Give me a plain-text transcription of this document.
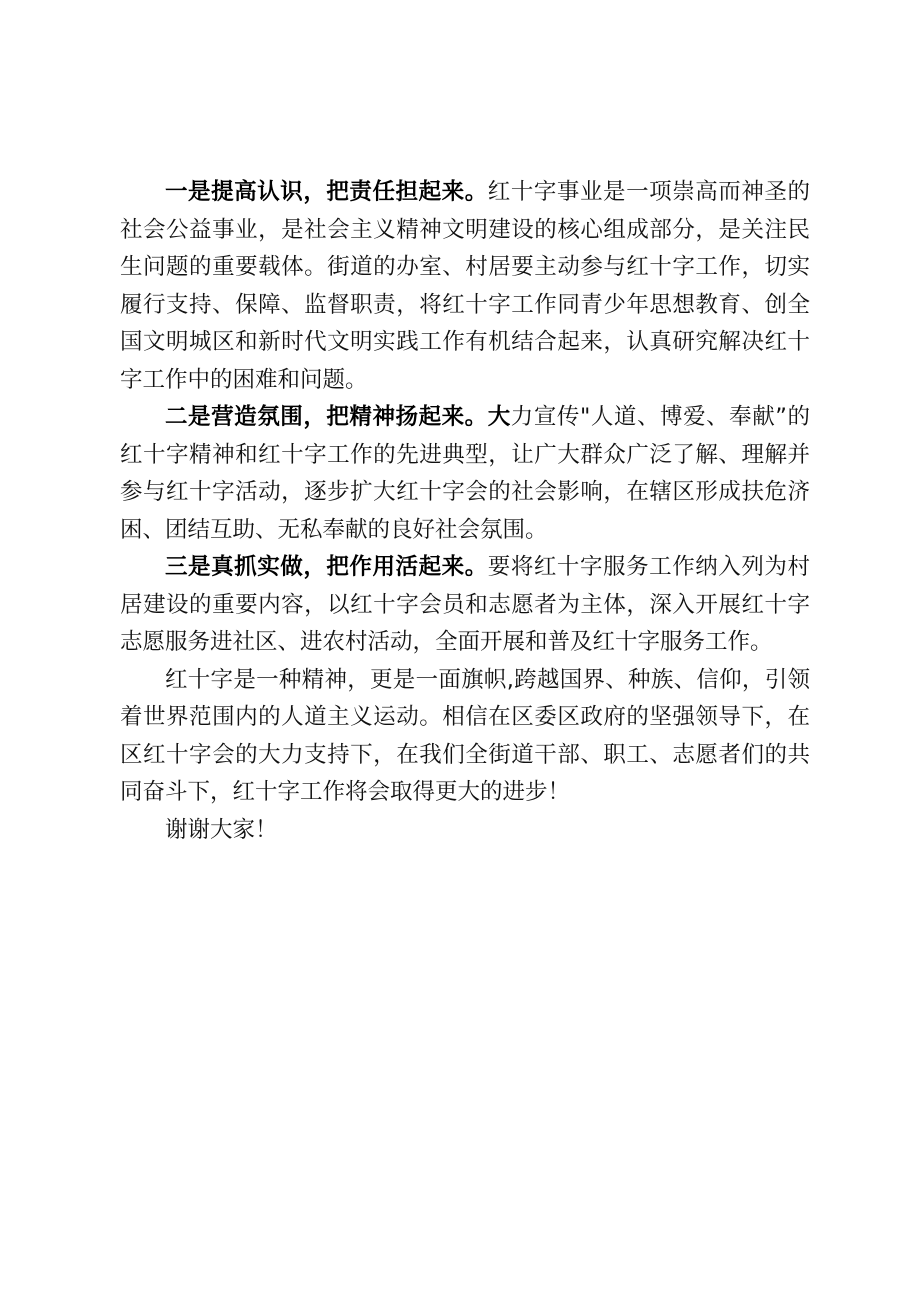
一是提高认识，把责任担起来。红十字事业是一项崇高而神圣的社会公益事业，是社会主义精神文明建设的核心组成部分，是关注民生问题的重要载体。街道的办室、村居要主动参与红十字工作，切实履行支持、保障、监督职责，将红十字工作同青少年思想教育、创全国文明城区和新时代文明实践工作有机结合起来，认真研究解决红十字工作中的困难和问题。

二是营造氛围，把精神扬起来。大力宣传"人道、博爱、奉献”的红十字精神和红十字工作的先进典型，让广大群众广泛了解、理解并参与红十字活动，逐步扩大红十字会的社会影响，在辖区形成扶危济困、团结互助、无私奉献的良好社会氛围。

三是真抓实做，把作用活起来。要将红十字服务工作纳入列为村居建设的重要内容，以红十字会员和志愿者为主体，深入开展红十字志愿服务进社区、进农村活动，全面开展和普及红十字服务工作。

红十字是一种精神，更是一面旗帜,跨越国界、种族、信仰，引领着世界范围内的人道主义运动。相信在区委区政府的坚强领导下，在区红十字会的大力支持下，在我们全街道干部、职工、志愿者们的共同奋斗下，红十字工作将会取得更大的进步！

谢谢大家！
